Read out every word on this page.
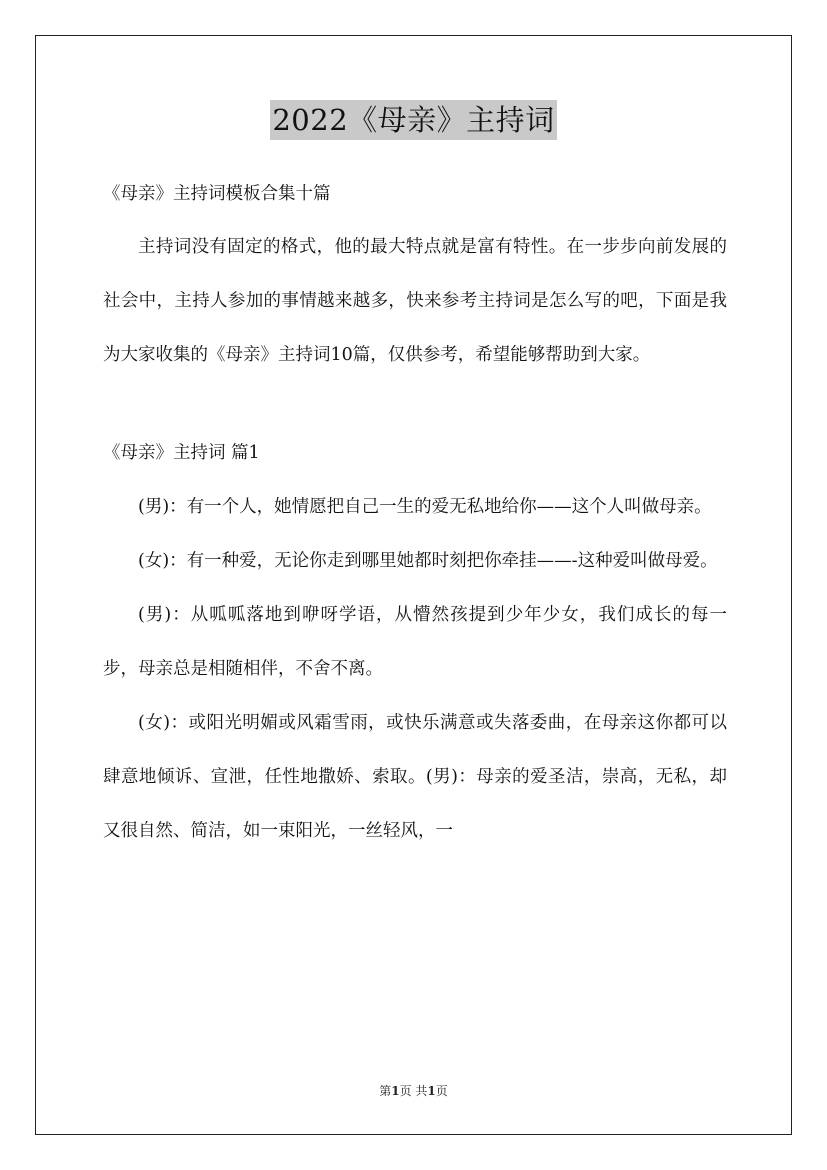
2022《母亲》主持词

《母亲》主持词模板合集十篇

主持词没有固定的格式，他的最大特点就是富有特性。在一步步向前发展的社会中，主持人参加的事情越来越多，快来参考主持词是怎么写的吧，下面是我为大家收集的《母亲》主持词10篇，仅供参考，希望能够帮助到大家。

《母亲》主持词 篇1

(男)：有一个人，她情愿把自己一生的爱无私地给你——这个人叫做母亲。

(女)：有一种爱，无论你走到哪里她都时刻把你牵挂——-这种爱叫做母爱。

(男)：从呱呱落地到咿呀学语，从懵然孩提到少年少女，我们成长的每一步，母亲总是相随相伴，不舍不离。

(女)：或阳光明媚或风霜雪雨，或快乐满意或失落委曲，在母亲这你都可以肆意地倾诉、宣泄，任性地撒娇、索取。(男)：母亲的爱圣洁，崇高，无私，却又很自然、简洁，如一束阳光，一丝轻风，一

第1页 共1页
